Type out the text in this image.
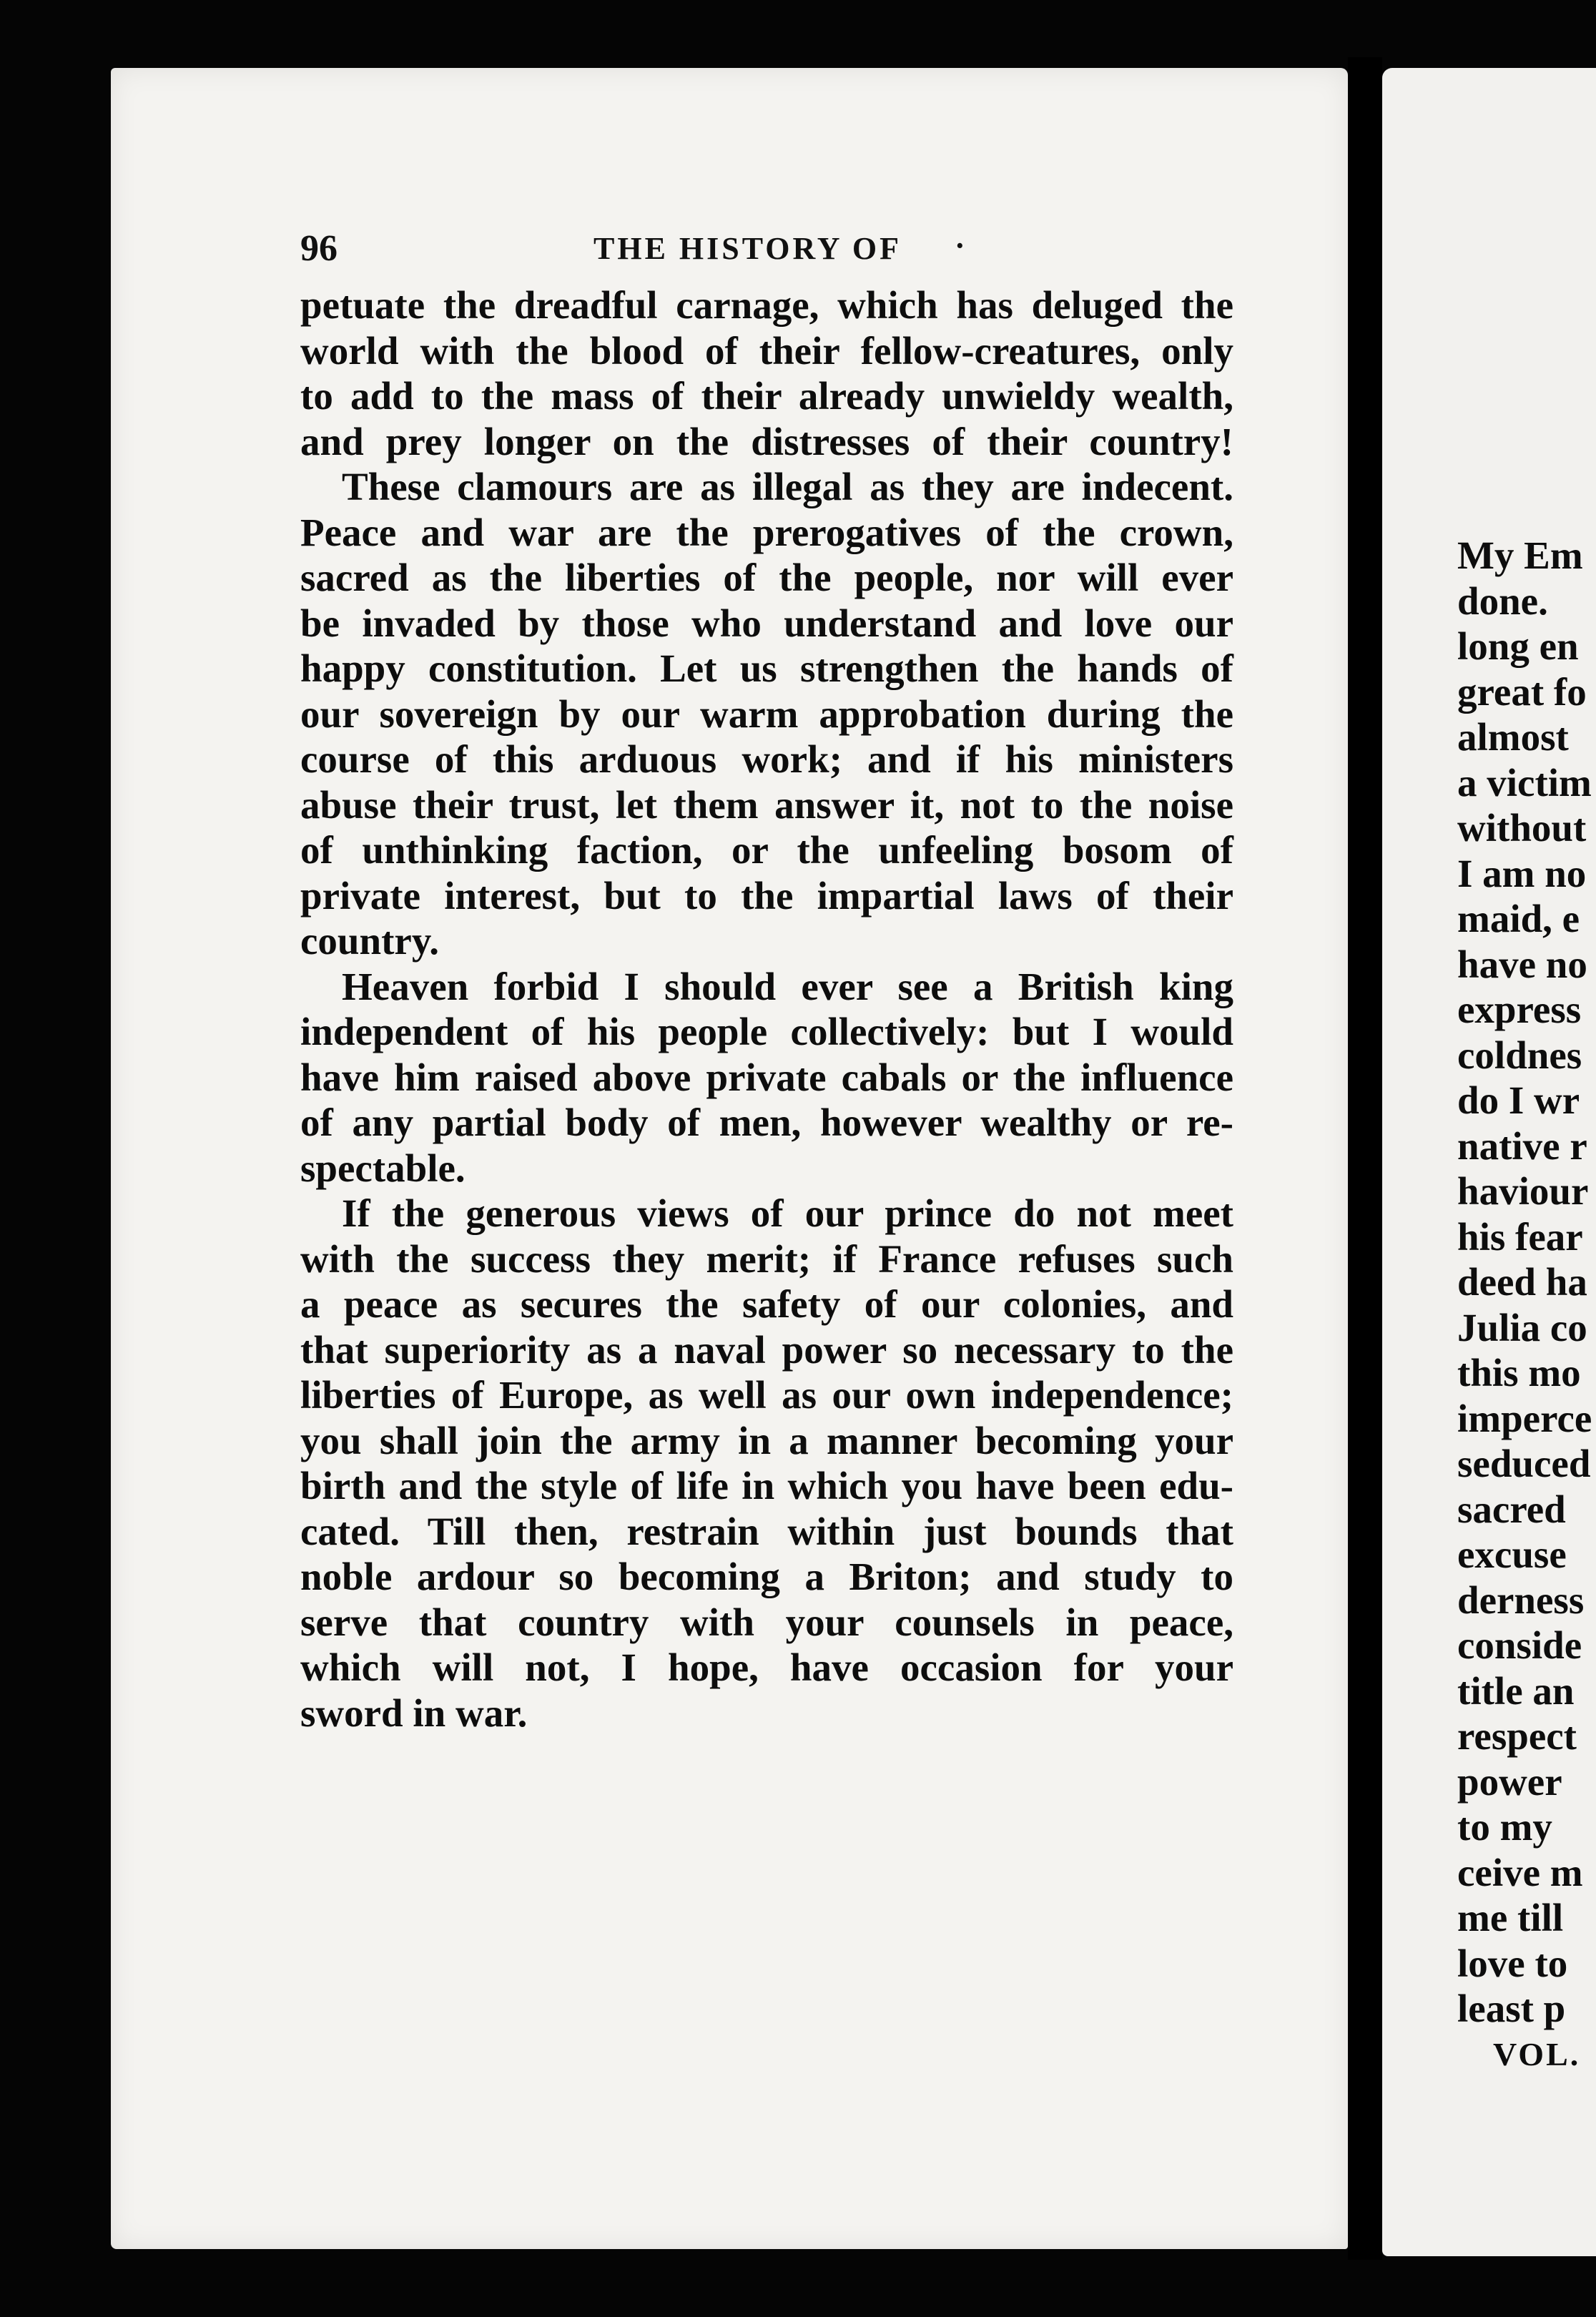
My Em
done.
long en
great fo
almost
a victim
without
I am no
maid, e
have no
express
coldnes
do I wr
native r
haviour
his fear
deed ha
Julia co
this mo
imperce
seduced
sacred
excuse
derness
conside
title an
respect
power
to my
ceive m
me till
love to
least p
VOL.
96	THE HISTORY OF ·
petuate the dreadful carnage, which has deluged the
world with the blood of their fellow-creatures, only
to add to the mass of their already unwieldy wealth,
and prey longer on the distresses of their country!
These clamours are as illegal as they are indecent.
Peace and war are the prerogatives of the crown,
sacred as the liberties of the people, nor will ever
be invaded by those who understand and love our
happy constitution. Let us strengthen the hands of
our sovereign by our warm approbation during the
course of this arduous work; and if his ministers
abuse their trust, let them answer it, not to the noise
of unthinking faction, or the unfeeling bosom of
private interest, but to the impartial laws of their
country.
Heaven forbid I should ever see a British king
independent of his people collectively: but I would
have him raised above private cabals or the influence
of any partial body of men, however wealthy or re-
spectable.
If the generous views of our prince do not meet
with the success they merit; if France refuses such
a peace as secures the safety of our colonies, and
that superiority as a naval power so necessary to the
liberties of Europe, as well as our own independence;
you shall join the army in a manner becoming your
birth and the style of life in which you have been edu-
cated. Till then, restrain within just bounds that
noble ardour so becoming a Briton; and study to
serve that country with your counsels in peace,
which will not, I hope, have occasion for your
sword in war.
